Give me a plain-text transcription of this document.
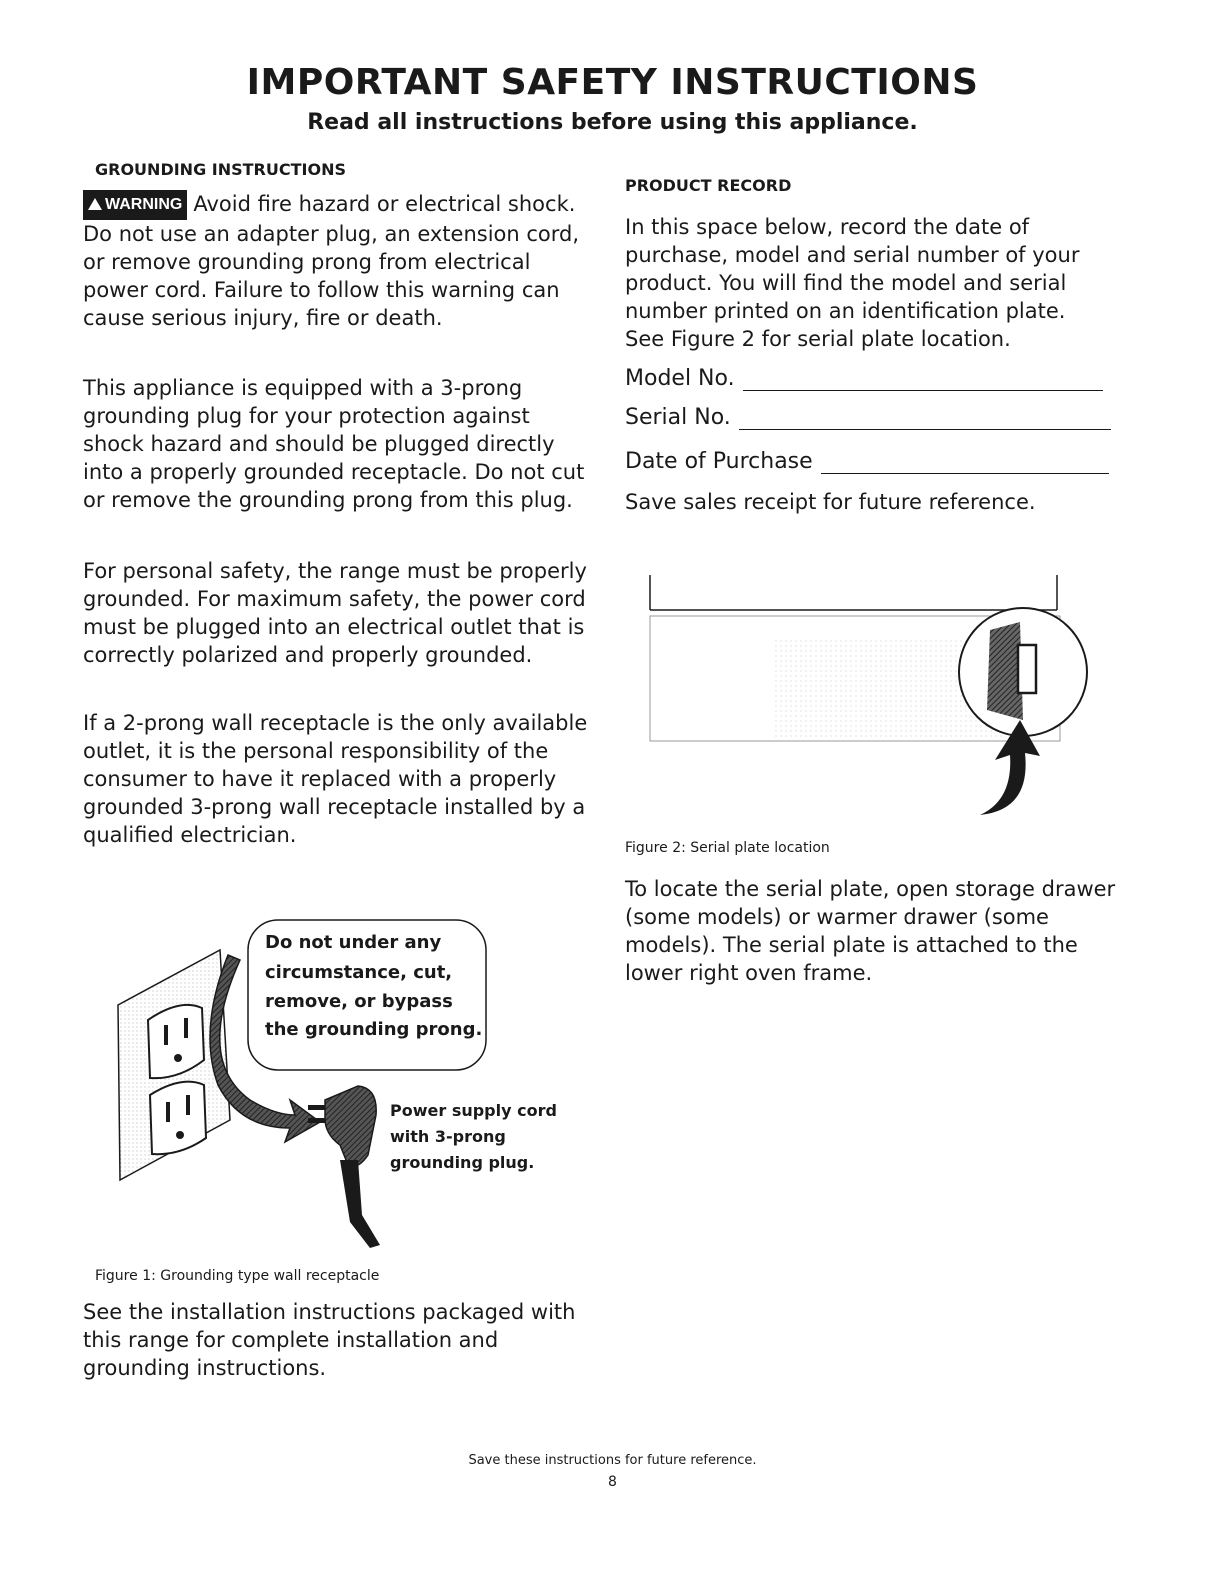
IMPORTANT SAFETY INSTRUCTIONS
Read all instructions before using this appliance.
GROUNDING INSTRUCTIONS
WARNING Avoid fire hazard or electrical shock. Do not use an adapter plug, an extension cord, or remove grounding prong from electrical power cord. Failure to follow this warning can cause serious injury, fire or death.
This appliance is equipped with a 3-prong grounding plug for your protection against shock hazard and should be plugged directly into a properly grounded receptacle. Do not cut or remove the grounding prong from this plug.
For personal safety, the range must be properly grounded. For maximum safety, the power cord must be plugged into an electrical outlet that is correctly polarized and properly grounded.
If a 2-prong wall receptacle is the only available outlet, it is the personal responsibility of the consumer to have it replaced with a properly grounded 3-prong wall receptacle installed by a qualified electrician.
Do not under any circumstance, cut, remove, or bypass the grounding prong.
Power supply cord with 3-prong grounding plug.
Figure 1: Grounding type wall receptacle
See the installation instructions packaged with this range for complete installation and grounding instructions.
PRODUCT RECORD
In this space below, record the date of purchase, model and serial number of your product. You will find the model and serial number printed on an identification plate. See Figure 2 for serial plate location.
Model No.
Serial No.
Date of Purchase
Save sales receipt for future reference.
Figure 2: Serial plate location
To locate the serial plate, open storage drawer (some models) or warmer drawer (some models). The serial plate is attached to the lower right oven frame.
Save these instructions for future reference.
8
